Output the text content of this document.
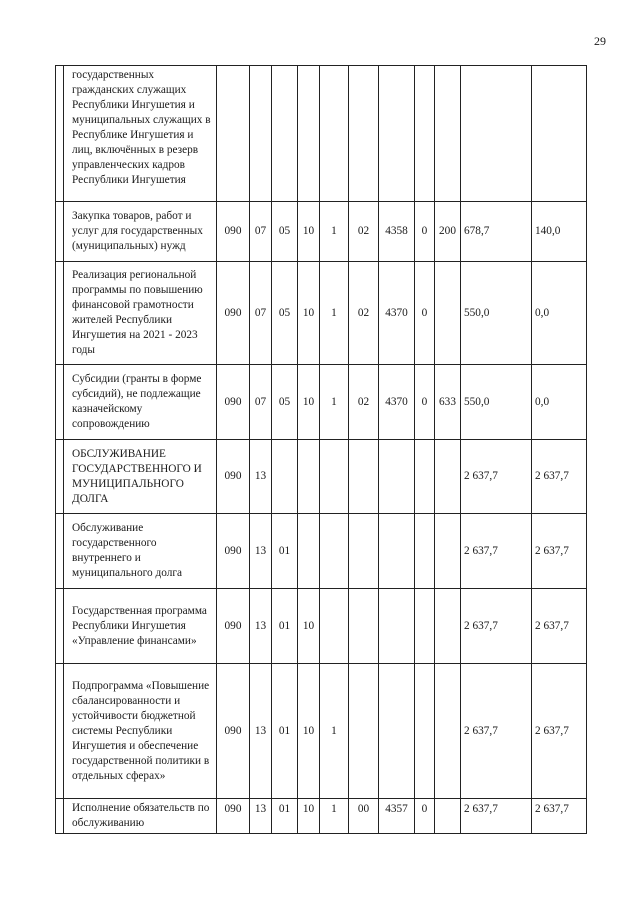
29
	государственных гражданских служащих Республики Ингушетия и муниципальных служащих в Республике Ингушетия и лиц, включённых в резерв управленческих кадров Республики Ингушетия											
	Закупка товаров, работ и услуг для государственных (муниципальных) нужд	090	07	05	10	1	02	4358	0	200	678,7	140,0
	Реализация региональной программы по повышению финансовой грамотности жителей Республики Ингушетия на 2021 - 2023 годы	090	07	05	10	1	02	4370	0		550,0	0,0
	Субсидии (гранты в форме субсидий), не подлежащие казначейскому сопровождению	090	07	05	10	1	02	4370	0	633	550,0	0,0
	ОБСЛУЖИВАНИЕ ГОСУДАРСТВЕННОГО И МУНИЦИПАЛЬНОГО ДОЛГА	090	13								2 637,7	2 637,7
	Обслуживание государственного внутреннего и муниципального долга	090	13	01							2 637,7	2 637,7
	Государственная программа Республики Ингушетия «Управление финансами»	090	13	01	10						2 637,7	2 637,7
	Подпрограмма «Повышение сбалансированности и устойчивости бюджетной системы Республики Ингушетия и обеспечение государственной политики в отдельных сферах»	090	13	01	10	1					2 637,7	2 637,7
	Исполнение обязательств по обслуживанию	090	13	01	10	1	00	4357	0		2 637,7	2 637,7
